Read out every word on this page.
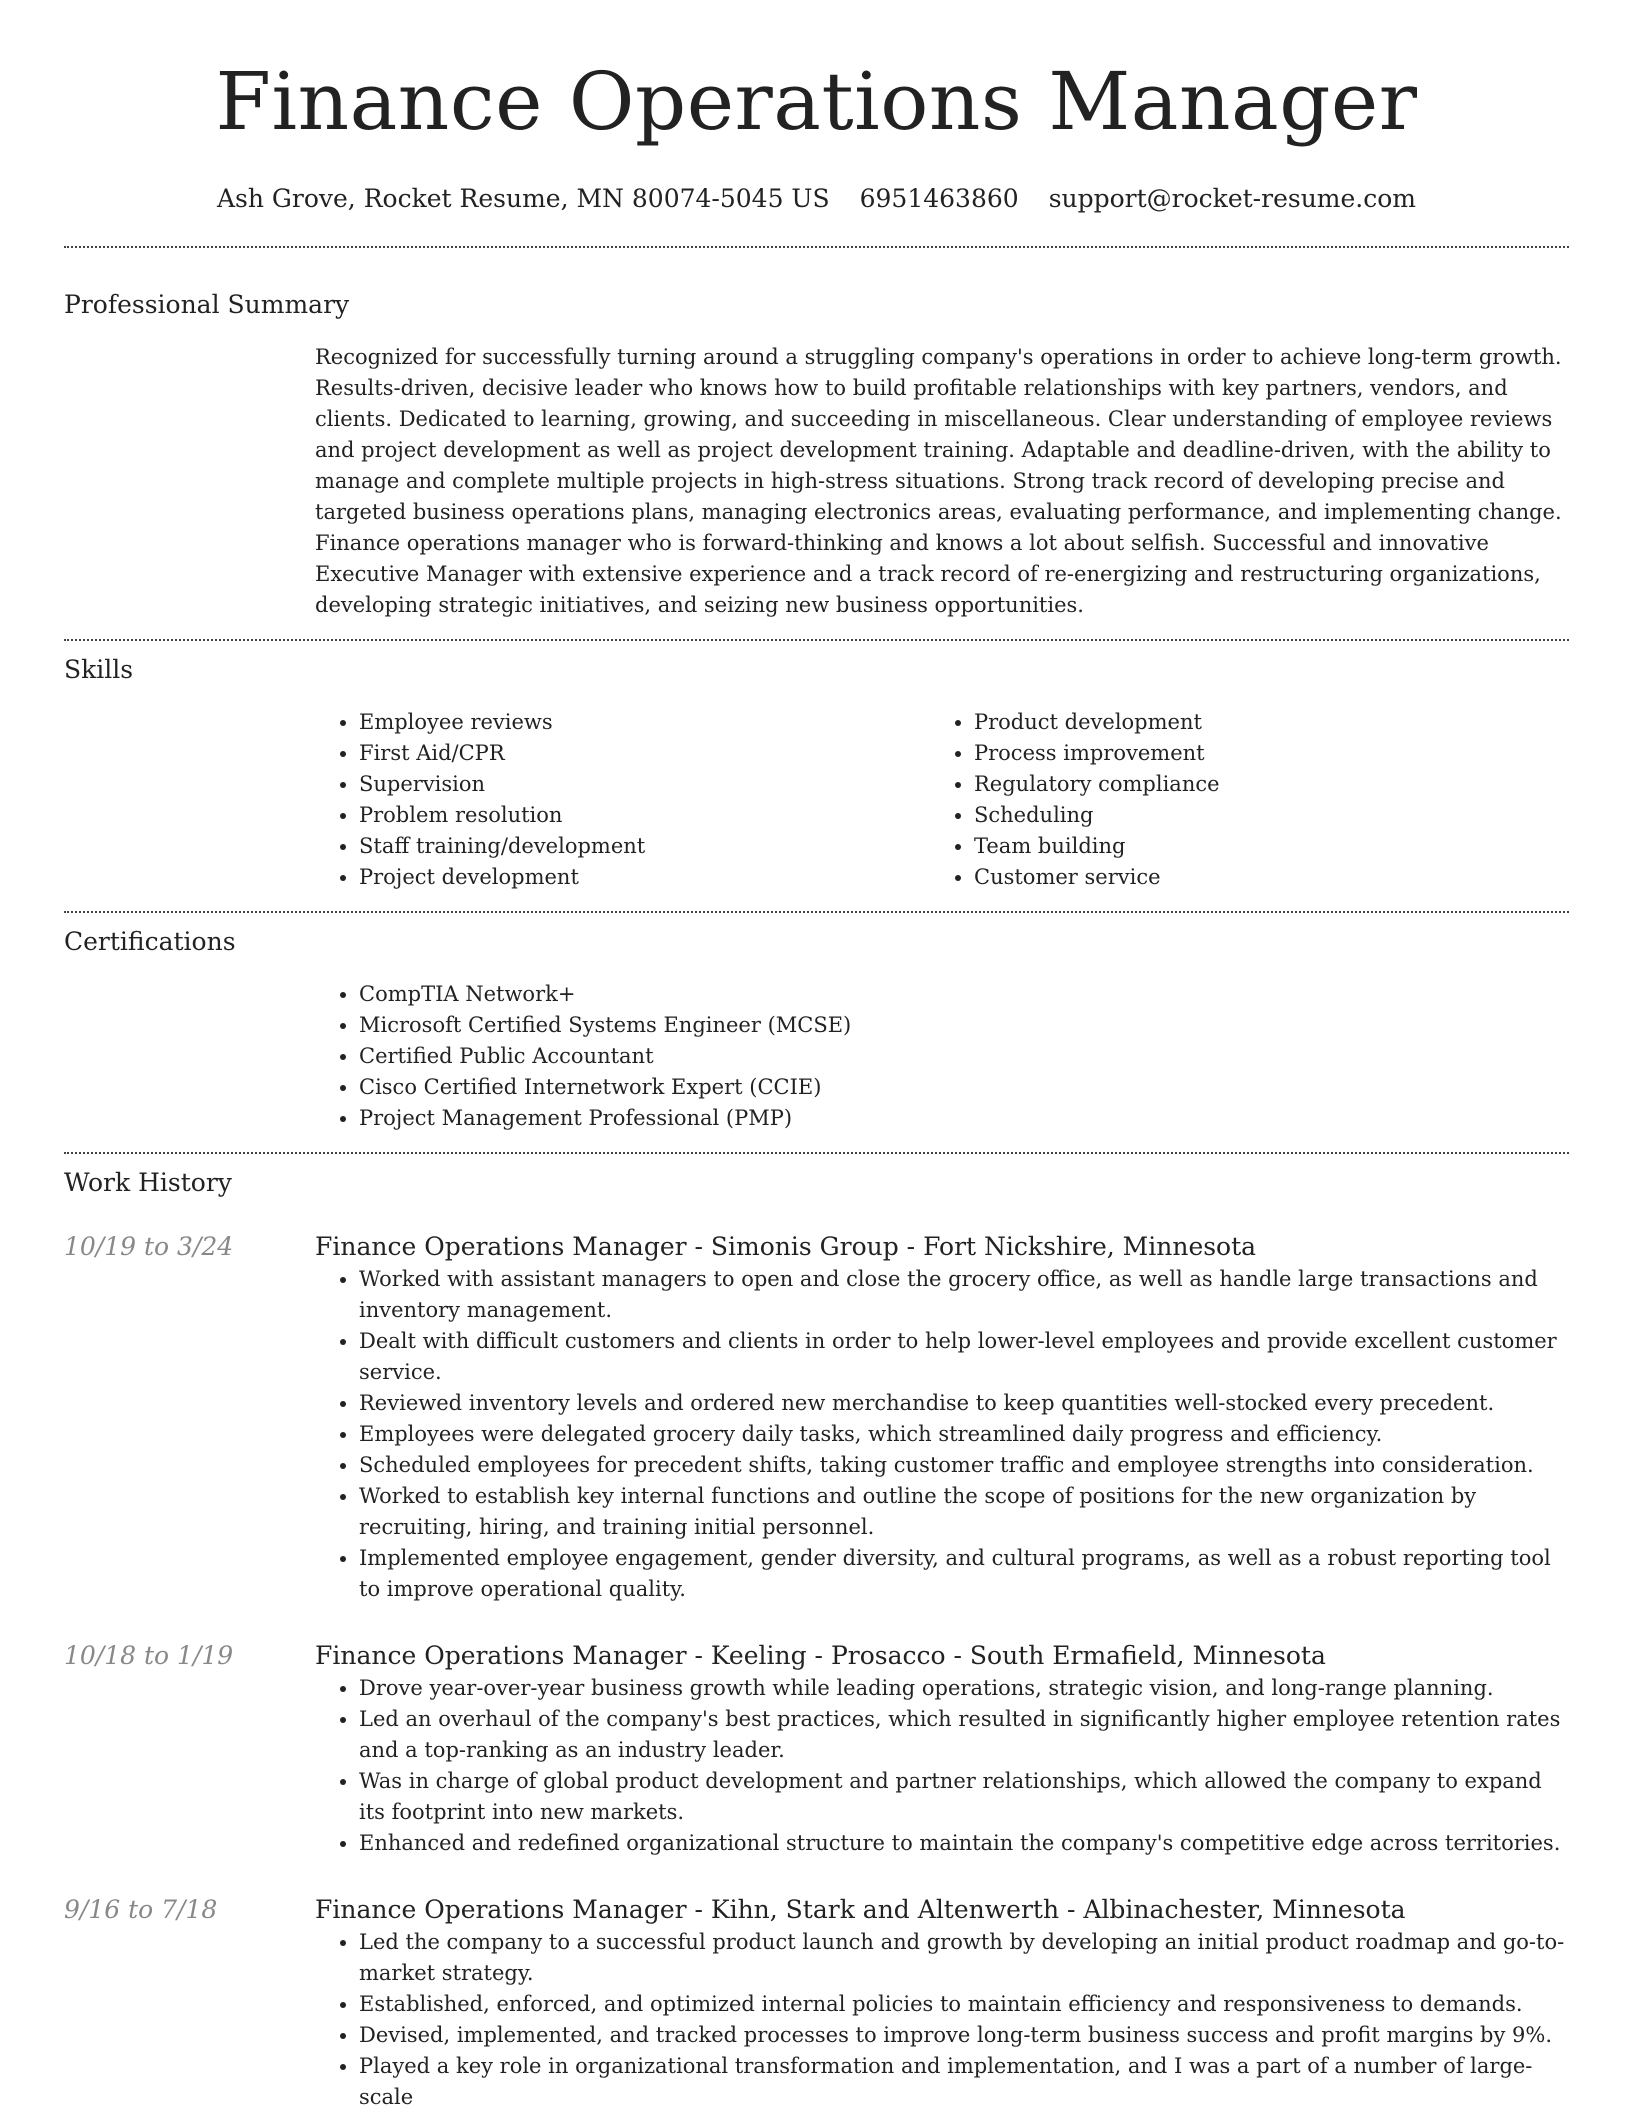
Finance Operations Manager
Ash Grove, Rocket Resume, MN 80074-5045 US 6951463860 support@rocket-resume.com
Professional Summary
Recognized for successfully turning around a struggling company's operations in order to achieve long-term growth. Results-driven, decisive leader who knows how to build profitable relationships with key partners, vendors, and clients. Dedicated to learning, growing, and succeeding in miscellaneous. Clear understanding of employee reviews and project development as well as project development training. Adaptable and deadline-driven, with the ability to manage and complete multiple projects in high-stress situations. Strong track record of developing precise and targeted business operations plans, managing electronics areas, evaluating performance, and implementing change. Finance operations manager who is forward-thinking and knows a lot about selfish. Successful and innovative Executive Manager with extensive experience and a track record of re-energizing and restructuring organizations, developing strategic initiatives, and seizing new business opportunities.
Skills
• Employee reviews
• First Aid/CPR
• Supervision
• Problem resolution
• Staff training/development
• Project development
• Product development
• Process improvement
• Regulatory compliance
• Scheduling
• Team building
• Customer service
Certifications
• CompTIA Network+
• Microsoft Certified Systems Engineer (MCSE)
• Certified Public Accountant
• Cisco Certified Internetwork Expert (CCIE)
• Project Management Professional (PMP)
Work History
10/19 to 3/24	Finance Operations Manager - Simonis Group - Fort Nickshire, Minnesota
• Worked with assistant managers to open and close the grocery office, as well as handle large transactions and inventory management.
• Dealt with difficult customers and clients in order to help lower-level employees and provide excellent customer service.
• Reviewed inventory levels and ordered new merchandise to keep quantities well-stocked every precedent.
• Employees were delegated grocery daily tasks, which streamlined daily progress and efficiency.
• Scheduled employees for precedent shifts, taking customer traffic and employee strengths into consideration.
• Worked to establish key internal functions and outline the scope of positions for the new organization by recruiting, hiring, and training initial personnel.
• Implemented employee engagement, gender diversity, and cultural programs, as well as a robust reporting tool to improve operational quality.
10/18 to 1/19	Finance Operations Manager - Keeling - Prosacco - South Ermafield, Minnesota
• Drove year-over-year business growth while leading operations, strategic vision, and long-range planning.
• Led an overhaul of the company's best practices, which resulted in significantly higher employee retention rates and a top-ranking as an industry leader.
• Was in charge of global product development and partner relationships, which allowed the company to expand its footprint into new markets.
• Enhanced and redefined organizational structure to maintain the company's competitive edge across territories.
9/16 to 7/18	Finance Operations Manager - Kihn, Stark and Altenwerth - Albinachester, Minnesota
• Led the company to a successful product launch and growth by developing an initial product roadmap and go-to-market strategy.
• Established, enforced, and optimized internal policies to maintain efficiency and responsiveness to demands.
• Devised, implemented, and tracked processes to improve long-term business success and profit margins by 9%.
• Played a key role in organizational transformation and implementation, and I was a part of a number of large-scale
